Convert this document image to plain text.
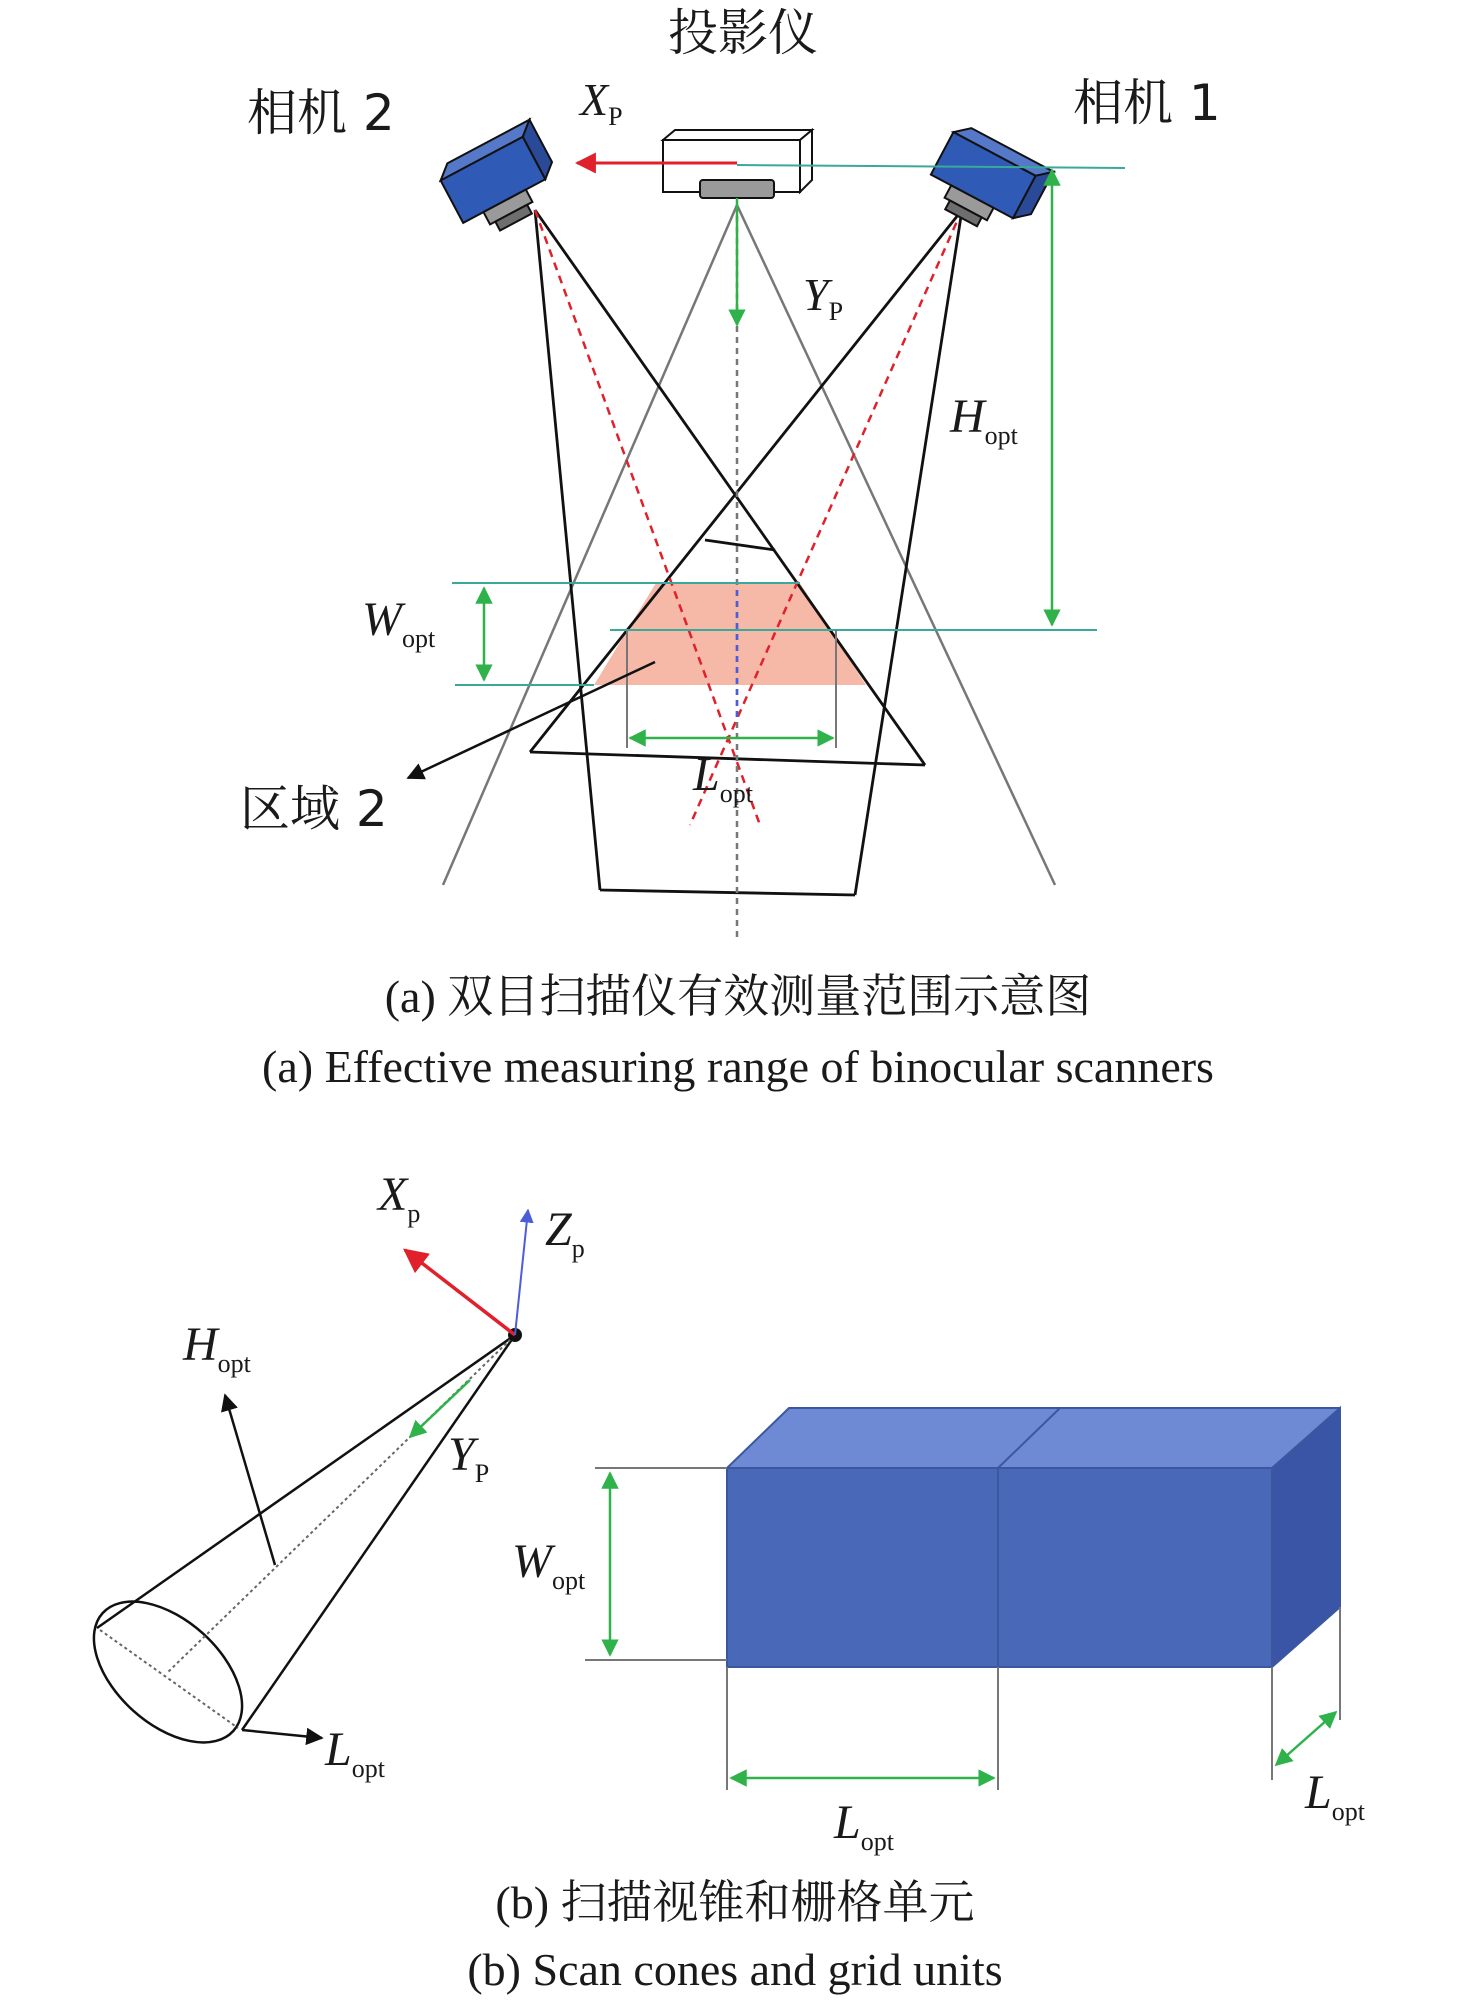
投影仪
相机 2	相机 1
区域 2
$X_P$
$Y_P$
$H_{opt}$
$W_{opt}$
$L_{opt}$
(a) 双目扫描仪有效测量范围示意图
(a) Effective measuring range of binocular scanners
$X_p$	$Z_p$
$Y_P$
$H_{opt}$
$L_{opt}$
$W_{opt}$
$L_{opt}$
$L_{opt}$
(b) 扫描视锥和栅格单元
(b) Scan cones and grid units
